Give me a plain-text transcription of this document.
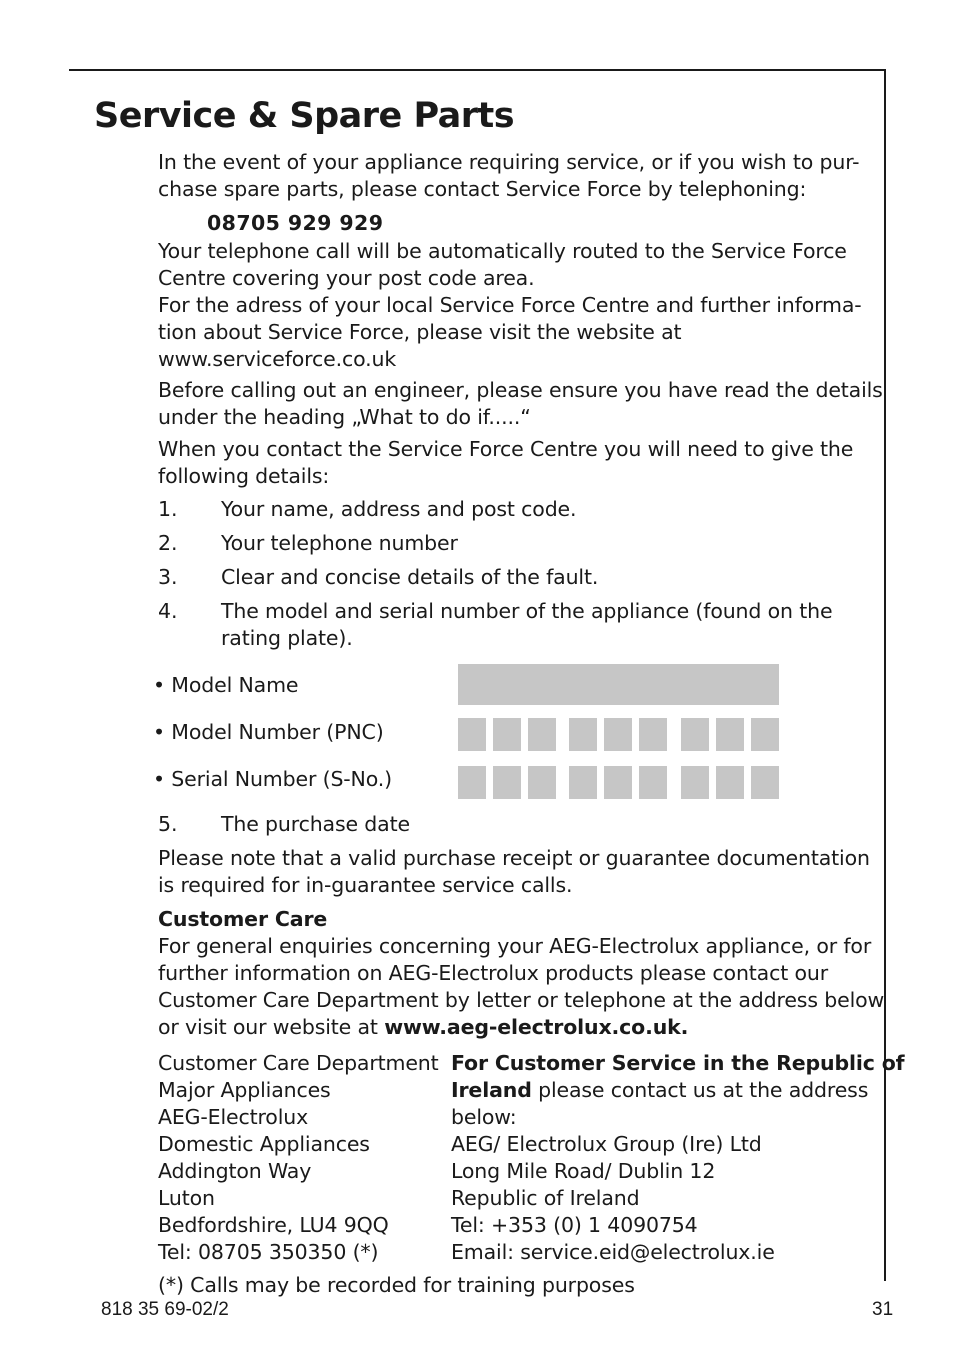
Service & Spare Parts
In the event of your appliance requiring service, or if you wish to pur-
chase spare parts, please contact Service Force by telephoning:
08705 929 929
Your telephone call will be automatically routed to the Service Force
Centre covering your post code area.
For the adress of your local Service Force Centre and further informa-
tion about Service Force, please visit the website at
www.serviceforce.co.uk
Before calling out an engineer, please ensure you have read the details
under the heading „What to do if.....“
When you contact the Service Force Centre you will need to give the
following details:
1. Your name, address and post code.
2. Your telephone number
3. Clear and concise details of the fault.
4. The model and serial number of the appliance (found on the
rating plate).
• Model Name
• Model Number (PNC)
• Serial Number (S-No.)
5. The purchase date
Please note that a valid purchase receipt or guarantee documentation
is required for in-guarantee service calls.
Customer Care
For general enquiries concerning your AEG-Electrolux appliance, or for
further information on AEG-Electrolux products please contact our
Customer Care Department by letter or telephone at the address below
or visit our website at www.aeg-electrolux.co.uk.
Customer Care Department
Major Appliances
AEG-Electrolux
Domestic Appliances
Addington Way
Luton
Bedfordshire, LU4 9QQ
Tel: 08705 350350 (*)
For Customer Service in the Republic of
Ireland please contact us at the address
below:
AEG/ Electrolux Group (Ire) Ltd
Long Mile Road/ Dublin 12
Republic of Ireland
Tel: +353 (0) 1 4090754
Email: service.eid@electrolux.ie
(*) Calls may be recorded for training purposes
818 35 69-02/2	31
